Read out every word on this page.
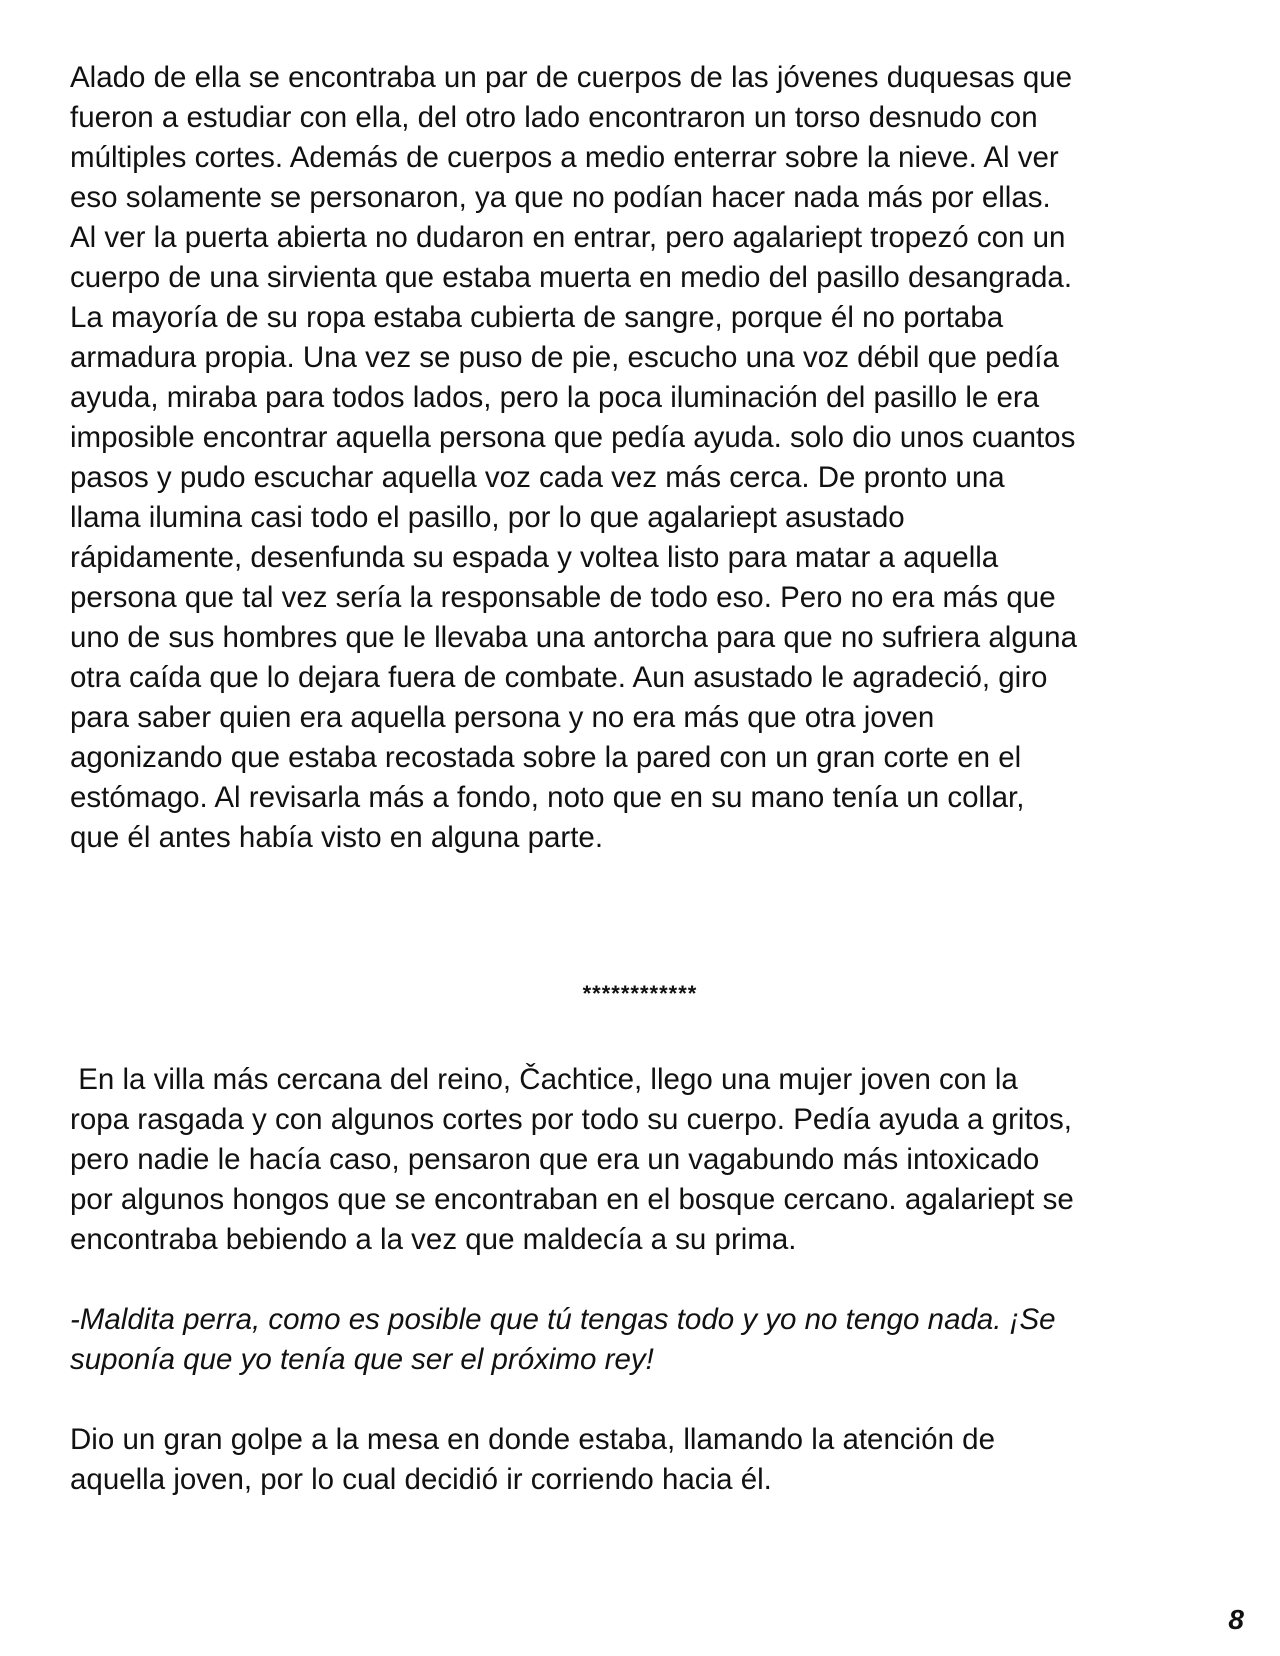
Alado de ella se encontraba un par de cuerpos de las jóvenes duquesas que
fueron a estudiar con ella, del otro lado encontraron un torso desnudo con
múltiples cortes. Además de cuerpos a medio enterrar sobre la nieve. Al ver
eso solamente se personaron, ya que no podían hacer nada más por ellas.
Al ver la puerta abierta no dudaron en entrar, pero agalariept tropezó con un
cuerpo de una sirvienta que estaba muerta en medio del pasillo desangrada.
La mayoría de su ropa estaba cubierta de sangre, porque él no portaba
armadura propia. Una vez se puso de pie, escucho una voz débil que pedía
ayuda, miraba para todos lados, pero la poca iluminación del pasillo le era
imposible encontrar aquella persona que pedía ayuda. solo dio unos cuantos
pasos y pudo escuchar aquella voz cada vez más cerca. De pronto una
llama ilumina casi todo el pasillo, por lo que agalariept asustado
rápidamente, desenfunda su espada y voltea listo para matar a aquella
persona que tal vez sería la responsable de todo eso. Pero no era más que
uno de sus hombres que le llevaba una antorcha para que no sufriera alguna
otra caída que lo dejara fuera de combate. Aun asustado le agradeció, giro
para saber quien era aquella persona y no era más que otra joven
agonizando que estaba recostada sobre la pared con un gran corte en el
estómago. Al revisarla más a fondo, noto que en su mano tenía un collar,
que él antes había visto en alguna parte.

En la villa más cercana del reino, Čachtice, llego una mujer joven con la
ropa rasgada y con algunos cortes por todo su cuerpo. Pedía ayuda a gritos,
pero nadie le hacía caso, pensaron que era un vagabundo más intoxicado
por algunos hongos que se encontraban en el bosque cercano. agalariept se
encontraba bebiendo a la vez que maldecía a su prima.

-Maldita perra, como es posible que tú tengas todo y yo no tengo nada. ¡Se
suponía que yo tenía que ser el próximo rey!

Dio un gran golpe a la mesa en donde estaba, llamando la atención de
aquella joven, por lo cual decidió ir corriendo hacia él.

************
8
